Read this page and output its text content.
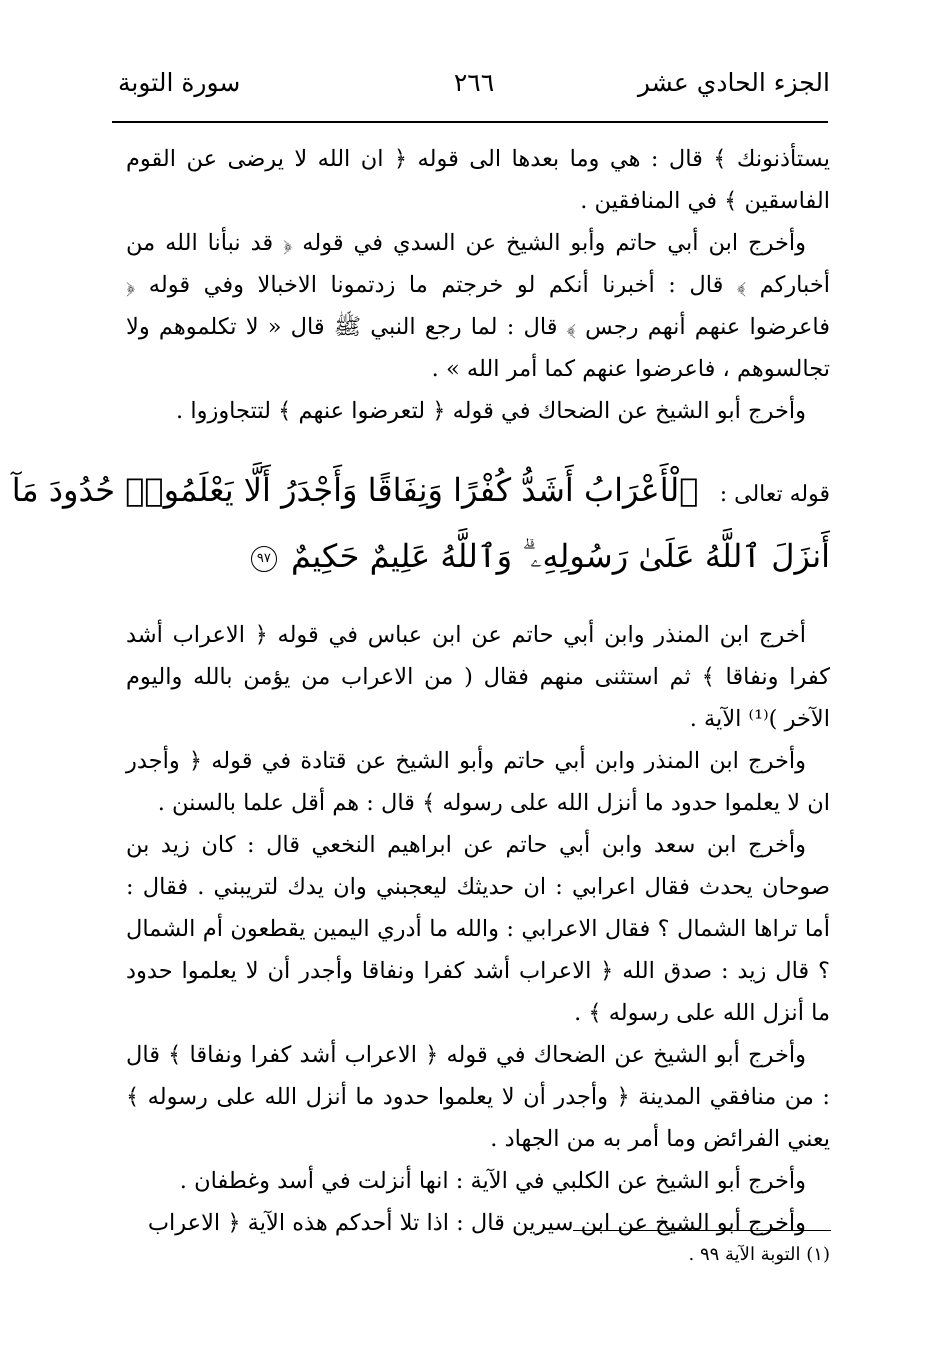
الجزء الحادي عشر
٢٦٦
سورة التوبة

يستأذنونك ﴾ قال : هي وما بعدها الى قوله ﴿ ان الله لا يرضى عن القوم الفاسقين ﴾ في المنافقين .

وأخرج ابن أبي حاتم وأبو الشيخ عن السدي في قوله ﴿ قد نبأنا الله من أخباركم ﴾ قال : أخبرنا أنكم لو خرجتم ما زدتمونا الاخبالا وفي قوله ﴿ فاعرضوا عنهم أنهم رجس ﴾ قال : لما رجع النبي ﷺ قال « لا تكلموهم ولا تجالسوهم ، فاعرضوا عنهم كما أمر الله » .

وأخرج أبو الشيخ عن الضحاك في قوله ﴿ لتعرضوا عنهم ﴾ لتتجاوزوا .

قوله تعالى : ٱلْأَعْرَابُ أَشَدُّ كُفْرًا وَنِفَاقًا وَأَجْدَرُ أَلَّا يَعْلَمُوا۟ حُدُودَ مَآ
أَنزَلَ ٱللَّهُ عَلَىٰ رَسُولِهِۦ ۗ وَٱللَّهُ عَلِيمٌ حَكِيمٌ ٩٧

أخرج ابن المنذر وابن أبي حاتم عن ابن عباس في قوله ﴿ الاعراب أشد كفرا ونفاقا ﴾ ثم استثنى منهم فقال ( من الاعراب من يؤمن بالله واليوم الآخر )⁽¹⁾ الآية .

وأخرج ابن المنذر وابن أبي حاتم وأبو الشيخ عن قتادة في قوله ﴿ وأجدر ان لا يعلموا حدود ما أنزل الله على رسوله ﴾ قال : هم أقل علما بالسنن .

وأخرج ابن سعد وابن أبي حاتم عن ابراهيم النخعي قال : كان زيد بن صوحان يحدث فقال اعرابي : ان حديثك ليعجبني وان يدك لتريبني . فقال : أما تراها الشمال ؟ فقال الاعرابي : والله ما أدري اليمين يقطعون أم الشمال ؟ قال زيد : صدق الله ﴿ الاعراب أشد كفرا ونفاقا وأجدر أن لا يعلموا حدود ما أنزل الله على رسوله ﴾ .

وأخرج أبو الشيخ عن الضحاك في قوله ﴿ الاعراب أشد كفرا ونفاقا ﴾ قال : من منافقي المدينة ﴿ وأجدر أن لا يعلموا حدود ما أنزل الله على رسوله ﴾ يعني الفرائض وما أمر به من الجهاد .

وأخرج أبو الشيخ عن الكلبي في الآية : انها أنزلت في أسد وغطفان .

وأخرج أبو الشيخ عن ابن سيرين قال : اذا تلا أحدكم هذه الآية ﴿ الاعراب

(١) التوبة الآية ٩٩ .
